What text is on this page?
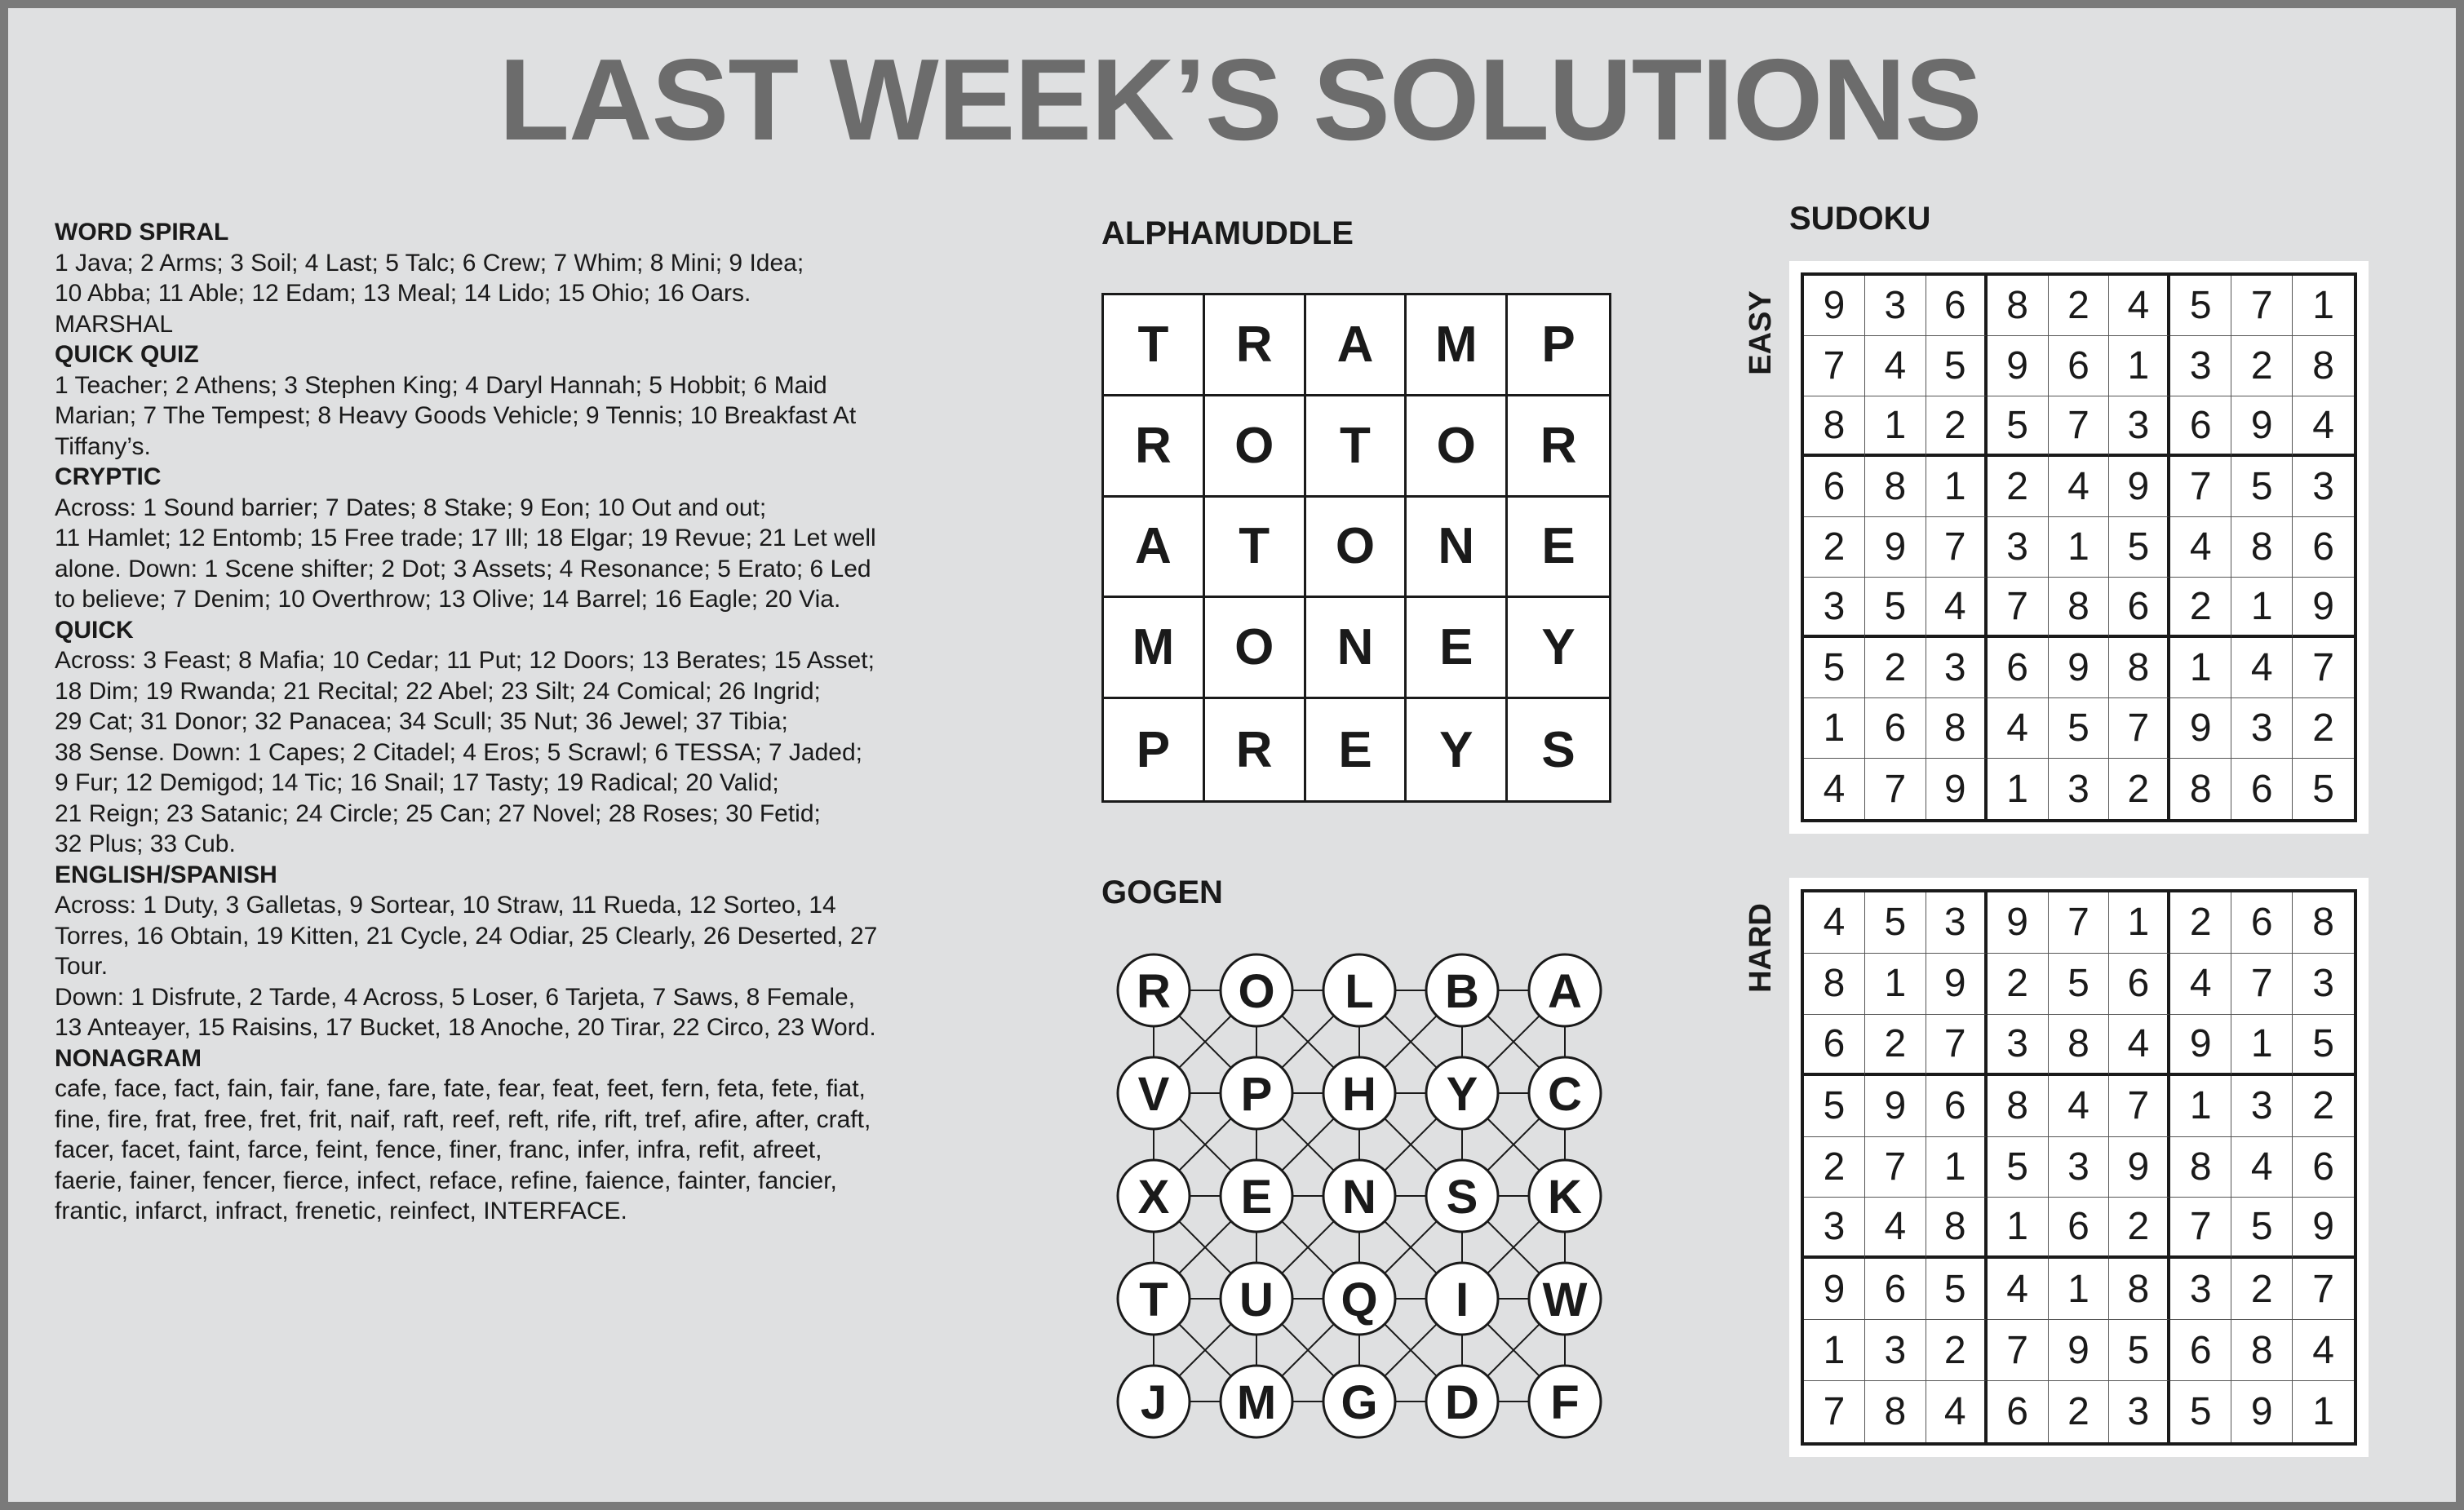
LAST WEEK’S SOLUTIONS
WORD SPIRAL
1 Java; 2 Arms; 3 Soil; 4 Last; 5 Talc; 6 Crew; 7 Whim; 8 Mini; 9 Idea;
10 Abba; 11 Able; 12 Edam; 13 Meal; 14 Lido; 15 Ohio; 16 Oars.
MARSHAL
QUICK QUIZ
1 Teacher; 2 Athens; 3 Stephen King; 4 Daryl Hannah; 5 Hobbit; 6 Maid
Marian; 7 The Tempest; 8 Heavy Goods Vehicle; 9 Tennis; 10 Breakfast At
Tiffany’s.
CRYPTIC
Across: 1 Sound barrier; 7 Dates; 8 Stake; 9 Eon; 10 Out and out;
11 Hamlet; 12 Entomb; 15 Free trade; 17 Ill; 18 Elgar; 19 Revue; 21 Let well
alone. Down: 1 Scene shifter; 2 Dot; 3 Assets; 4 Resonance; 5 Erato; 6 Led
to believe; 7 Denim; 10 Overthrow; 13 Olive; 14 Barrel; 16 Eagle; 20 Via.
QUICK
Across: 3 Feast; 8 Mafia; 10 Cedar; 11 Put; 12 Doors; 13 Berates; 15 Asset;
18 Dim; 19 Rwanda; 21 Recital; 22 Abel; 23 Silt; 24 Comical; 26 Ingrid;
29 Cat; 31 Donor; 32 Panacea; 34 Scull; 35 Nut; 36 Jewel; 37 Tibia;
38 Sense. Down: 1 Capes; 2 Citadel; 4 Eros; 5 Scrawl; 6 TESSA; 7 Jaded;
9 Fur; 12 Demigod; 14 Tic; 16 Snail; 17 Tasty; 19 Radical; 20 Valid;
21 Reign; 23 Satanic; 24 Circle; 25 Can; 27 Novel; 28 Roses; 30 Fetid;
32 Plus; 33 Cub.
ENGLISH/SPANISH
Across: 1 Duty, 3 Galletas, 9 Sortear, 10 Straw, 11 Rueda, 12 Sorteo, 14
Torres, 16 Obtain, 19 Kitten, 21 Cycle, 24 Odiar, 25 Clearly, 26 Deserted, 27
Tour.
Down: 1 Disfrute, 2 Tarde, 4 Across, 5 Loser, 6 Tarjeta, 7 Saws, 8 Female,
13 Anteayer, 15 Raisins, 17 Bucket, 18 Anoche, 20 Tirar, 22 Circo, 23 Word.
NONAGRAM
cafe, face, fact, fain, fair, fane, fare, fate, fear, feat, feet, fern, feta, fete, fiat,
fine, fire, frat, free, fret, frit, naif, raft, reef, reft, rife, rift, tref, afire, after, craft,
facer, facet, faint, farce, feint, fence, finer, franc, infer, infra, refit, afreet,
faerie, fainer, fencer, fierce, infect, reface, refine, faience, fainter, fancier,
frantic, infarct, infract, frenetic, reinfect, INTERFACE.
ALPHAMUDDLE
T	R	A	M	P
R	O	T	O	R
A	T	O	N	E
M	O	N	E	Y
P	R	E	Y	S
GOGEN
R O L B A
V P H Y C
X E N S K
T U Q I W
J M G D F
SUDOKU
EASY	9	3 6	8	2 4	5	7	1
7	4 5	9	6 1	3	2	8
8	1 2	5	7 3	6	9	4
6	8 1	2	4 9	7	5	3
2	9 7	3	1 5	4	8	6
3	5 4	7	8 6	2	1	9
5	2 3	6	9 8	1	4	7
1	6 8	4	5 7	9	3	2
4	7 9	1	3 2	8	6	5
HARD	4	5 3	9	7 1	2	6	8
8	1 9	2	5 6	4	7	3
6	2 7	3	8 4	9	1	5
5	9 6	8	4 7	1	3	2
2	7 1	5	3 9	8	4	6
3	4 8	1	6 2	7	5	9
9	6 5	4	1 8	3	2	7
1	3 2	7	9 5	6	8	4
7	8 4	6	2 3	5	9	1
